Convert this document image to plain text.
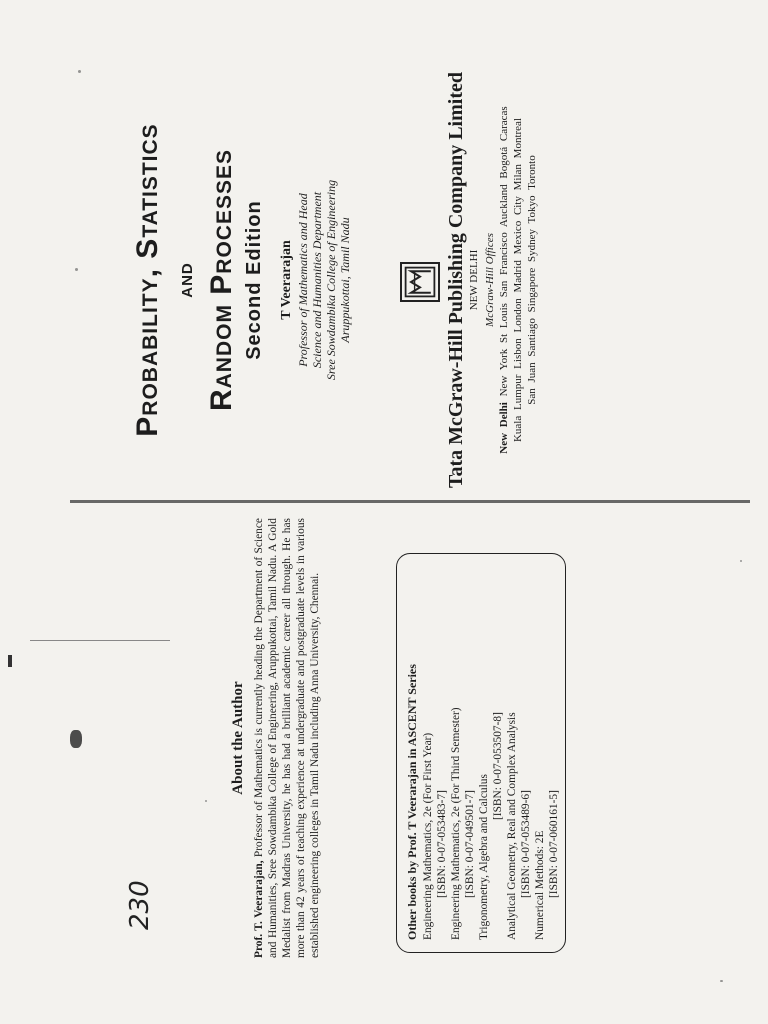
230
Probability, Statistics and Random Processes Second Edition T Veerarajan Professor of Mathematics and Head Science and Humanities Department Sree Sowdambika College of Engineering Aruppukottai, Tamil Nadu	Tata McGraw-Hill Publishing Company Limited NEW DELHI McGraw-Hill Offices
New Delhi New York St Louis San Francisco Auckland Bogotá Caracas Kuala Lumpur Lisbon London Madrid Mexico City Milan Montreal San Juan Santiago Singapore Sydney Tokyo Toronto
About the Author
Prof. T. Veerarajan, Professor of Mathematics is currently heading the Department of Science and Humanities, Sree Sowdambika College of Engineering, Aruppukottai, Tamil Nadu. A Gold Medalist from Madras University, he has had a brilliant academic career all through. He has more than 42 years of teaching experience at undergraduate and postgraduate levels in various established engineering colleges in Tamil Nadu including Anna University, Chennai.	Other books by Prof. T Veerarajan in ASCENT Series Engineering Mathematics, 2e (For First Year) [ISBN: 0-07-053483-7] Engineering Mathematics, 2e (For Third Semester) [ISBN: 0-07-049501-7] Trigonometry, Algebra and Calculus
[ISBN: 0-07-053507-8] Analytical Geometry, Real and Complex Analysis [ISBN: 0-07-053489-6] Numerical Methods: 2E [ISBN: 0-07-060161-5]
